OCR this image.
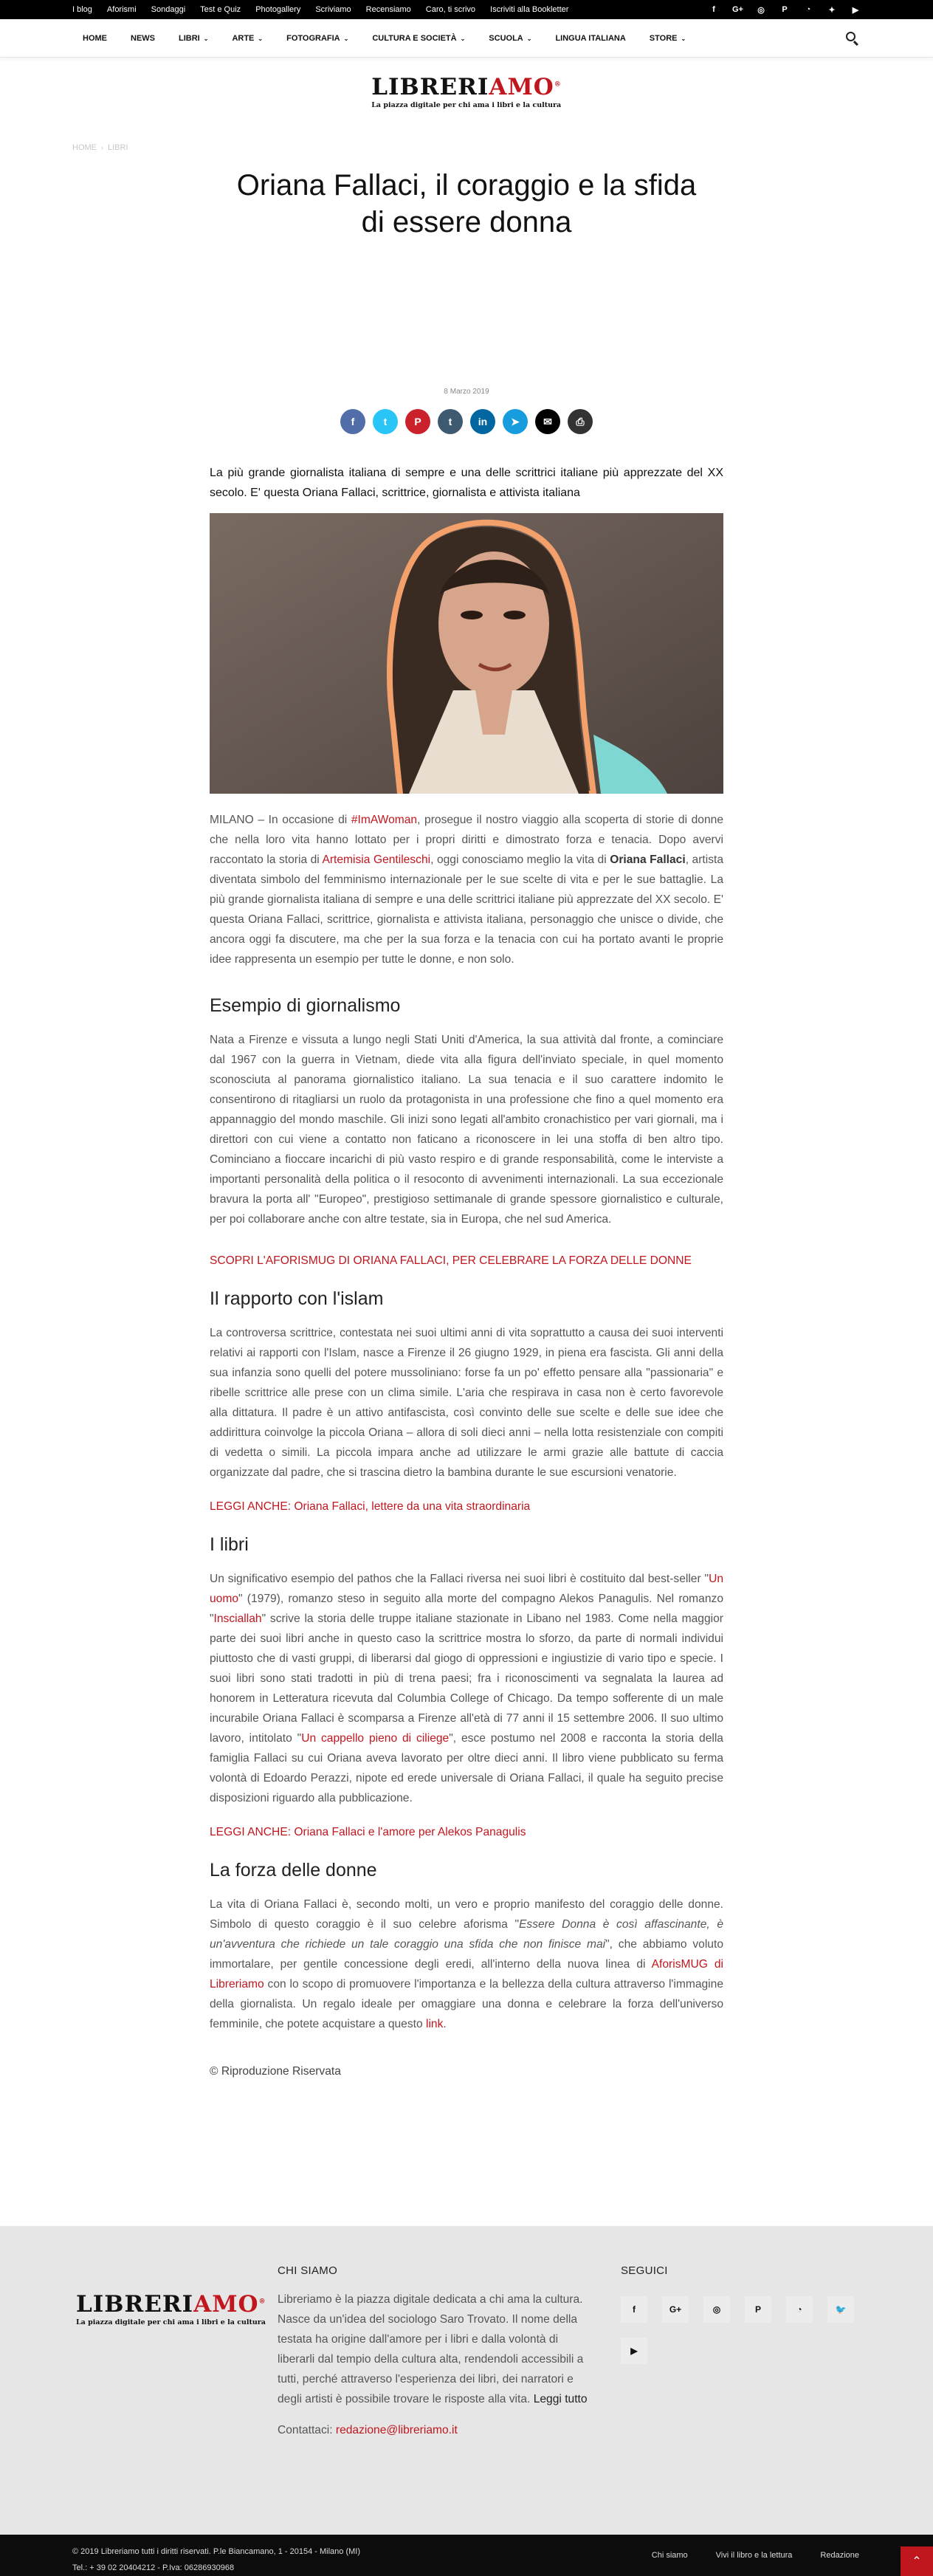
I blog Aforismi Sondaggi Test e Quiz Photogallery Scriviamo Recensiamo Caro, ti scrivo Iscriviti alla Bookletter	f	G+ ◎	P	◔	✦ ▶
HOME	NEWS	LIBRI ⌄	ARTE ⌄	FOTOGRAFIA ⌄	CULTURA E SOCIETÀ ⌄	SCUOLA ⌄	LINGUA ITALIANA	STORE ⌄
LIBRERIAMO®
La piazza digitale per chi ama i libri e la cultura
HOME › LIBRI
Oriana Fallaci, il coraggio e la sfida di essere donna
8 Marzo 2019
f	t	P	t	in	➤	✉	⎙

La più grande giornalista italiana di sempre e una delle scrittrici italiane più apprezzate del XX secolo. E' questa Oriana Fallaci, scrittrice, giornalista e attivista italiana

MILANO – In occasione di #ImAWoman, prosegue il nostro viaggio alla scoperta di storie di donne che nella loro vita hanno lottato per i propri diritti e dimostrato forza e tenacia. Dopo avervi raccontato la storia di Artemisia Gentileschi, oggi conosciamo meglio la vita di Oriana Fallaci, artista diventata simbolo del femminismo internazionale per le sue scelte di vita e per le sue battaglie. La più grande giornalista italiana di sempre e una delle scrittrici italiane più apprezzate del XX secolo. E' questa Oriana Fallaci, scrittrice, giornalista e attivista italiana, personaggio che unisce o divide, che ancora oggi fa discutere, ma che per la sua forza e la tenacia con cui ha portato avanti le proprie idee rappresenta un esempio per tutte le donne, e non solo.

Esempio di giornalismo

Nata a Firenze e vissuta a lungo negli Stati Uniti d'America, la sua attività dal fronte, a cominciare dal 1967 con la guerra in Vietnam, diede vita alla figura dell'inviato speciale, in quel momento sconosciuta al panorama giornalistico italiano. La sua tenacia e il suo carattere indomito le consentirono di ritagliarsi un ruolo da protagonista in una professione che fino a quel momento era appannaggio del mondo maschile. Gli inizi sono legati all'ambito cronachistico per vari giornali, ma i direttori con cui viene a contatto non faticano a riconoscere in lei una stoffa di ben altro tipo. Cominciano a fioccare incarichi di più vasto respiro e di grande responsabilità, come le interviste a importanti personalità della politica o il resoconto di avvenimenti internazionali. La sua eccezionale bravura la porta all' "Europeo", prestigioso settimanale di grande spessore giornalistico e culturale, per poi collaborare anche con altre testate, sia in Europa, che nel sud America.

SCOPRI L'AFORISMUG DI ORIANA FALLACI, PER CELEBRARE LA FORZA DELLE DONNE

Il rapporto con l'islam

La controversa scrittrice, contestata nei suoi ultimi anni di vita soprattutto a causa dei suoi interventi relativi ai rapporti con l'Islam, nasce a Firenze il 26 giugno 1929, in piena era fascista. Gli anni della sua infanzia sono quelli del potere mussoliniano: forse fa un po' effetto pensare alla "passionaria" e ribelle scrittrice alle prese con un clima simile. L'aria che respirava in casa non è certo favorevole alla dittatura. Il padre è un attivo antifascista, così convinto delle sue scelte e delle sue idee che addirittura coinvolge la piccola Oriana – allora di soli dieci anni – nella lotta resistenziale con compiti di vedetta o simili. La piccola impara anche ad utilizzare le armi grazie alle battute di caccia organizzate dal padre, che si trascina dietro la bambina durante le sue escursioni venatorie.

LEGGI ANCHE: Oriana Fallaci, lettere da una vita straordinaria

I libri

Un significativo esempio del pathos che la Fallaci riversa nei suoi libri è costituito dal best-seller "Un uomo" (1979), romanzo steso in seguito alla morte del compagno Alekos Panagulis. Nel romanzo "Insciallah" scrive la storia delle truppe italiane stazionate in Libano nel 1983. Come nella maggior parte dei suoi libri anche in questo caso la scrittrice mostra lo sforzo, da parte di normali individui piuttosto che di vasti gruppi, di liberarsi dal giogo di oppressioni e ingiustizie di vario tipo e specie. I suoi libri sono stati tradotti in più di trena paesi; fra i riconoscimenti va segnalata la laurea ad honorem in Letteratura ricevuta dal Columbia College of Chicago. Da tempo sofferente di un male incurabile Oriana Fallaci è scomparsa a Firenze all'età di 77 anni il 15 settembre 2006. Il suo ultimo lavoro, intitolato "Un cappello pieno di ciliege", esce postumo nel 2008 e racconta la storia della famiglia Fallaci su cui Oriana aveva lavorato per oltre dieci anni. Il libro viene pubblicato su ferma volontà di Edoardo Perazzi, nipote ed erede universale di Oriana Fallaci, il quale ha seguito precise disposizioni riguardo alla pubblicazione.

LEGGI ANCHE: Oriana Fallaci e l'amore per Alekos Panagulis

La forza delle donne

La vita di Oriana Fallaci è, secondo molti, un vero e proprio manifesto del coraggio delle donne. Simbolo di questo coraggio è il suo celebre aforisma "Essere Donna è così affascinante, è un'avventura che richiede un tale coraggio una sfida che non finisce mai", che abbiamo voluto immortalare, per gentile concessione degli eredi, all'interno della nuova linea di AforisMUG di Libreriamo con lo scopo di promuovere l'importanza e la bellezza della cultura attraverso l'immagine della giornalista. Un regalo ideale per omaggiare una donna e celebrare la forza dell'universo femminile, che potete acquistare a questo link.

© Riproduzione Riservata

LIBRERIAMO®
La piazza digitale per chi ama i libri e la cultura
CHI SIAMO

Libreriamo è la piazza digitale dedicata a chi ama la cultura. Nasce da un'idea del sociologo Saro Trovato. Il nome della testata ha origine dall'amore per i libri e dalla volontà di liberarli dal tempio della cultura alta, rendendoli accessibili a tutti, perché attraverso l'esperienza dei libri, dei narratori e degli artisti è possibile trovare le risposte alla vita. Leggi tutto

Contattaci: redazione@libreriamo.it

SEGUICI
f	G+	◎	P	◔	🐦
▶
© 2019 Libreriamo tutti i diritti riservati. P.le Biancamano, 1 - 20154 - Milano (MI)
Tel.: + 39 02 20404212 - P.Iva: 06286930968
Chi siamo	Vivi il libro e la lettura	Redazione	⌃
